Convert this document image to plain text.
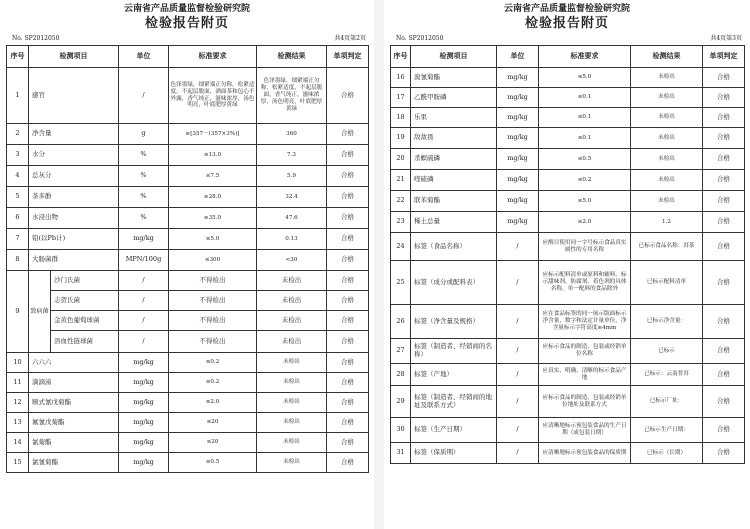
云南省产品质量监督检验研究院
检验报告附页
No. SP2012050	共4页第2页
序号	检测项目		单位	标准要求	检测结果	单项判定
1	感官		/	色泽墨绿，细紧端正匀称，松紧适度，不起层脱面，洒面茶和包心不外露，香气纯正，滋味浓厚，汤色明亮，叶底肥厚黄绿	色泽墨绿，细紧端正匀称，松紧适度，不起层脱面，香气纯正，滋味浓厚，汤色明亮，叶底肥厚黄绿	合格
2	净含量		g	≥[357－(357×3%)]	360	合格
3	水分		%	≤13.0	7.3	合格
4	总灰分		%	≤7.5	5.9	合格
5	茶多酚		%	≥28.0	32.4	合格
6	水浸出物		%	≥35.0	47.6	合格
7	铅(以Pb计)		mg/kg	≤5.0	0.13	合格
8	大肠菌群		MPN/100g	≤300	<30	合格
9	致病菌	沙门氏菌	/	不得检出	未检出	合格
		志贺氏菌	/	不得检出	未检出	合格
		金黄色葡萄球菌	/	不得检出	未检出	合格
		溶血性链球菌	/	不得检出	未检出	合格
10	六六六		mg/kg	≤0.2	未检出	合格
11	滴滴涕		mg/kg	≤0.2	未检出	合格
12	顺式氰戊菊酯		mg/kg	≤2.0	未检出	合格
13	氟氰戊菊酯		mg/kg	≤20	未检出	合格
14	氯菊酯		mg/kg	≤20	未检出	合格
15	氯氰菊酯		mg/kg	≤0.5	未检出	合格
云南省产品质量监督检验研究院
检验报告附页
No. SP2012050	共4页第3页
序号	检测项目	单位	标准要求	检测结果	单项判定
16	溴氰菊酯	mg/kg	≤5.0	未检出	合格
17	乙酰甲胺磷	mg/kg	≤0.1	未检出	合格
18	乐果	mg/kg	≤0.1	未检出	合格
19	敌敌畏	mg/kg	≤0.1	未检出	合格
20	杀螟硫磷	mg/kg	≤0.5	未检出	合格
21	喹硫磷	mg/kg	≤0.2	未检出	合格
22	联苯菊酯	mg/kg	≤5.0	未检出	合格
23	稀土总量	mg/kg	≤2.0	1.2	合格
24	标签（食品名称）	/	应醒目使用同一字号标示食品真实属性的专用名称	已标示食品名称：洱茶	合格
25	标签（成分或配料表）	/	应标示配料清单或原料和辅料，标示甜味剂、防腐剂、着色剂的具体名称，单一配料的食品除外	已标示配料清单	合格
26	标签（净含量及规格）	/	应在食品标签的同一展示版面标示净含量，数字和法定计量单位，净含量标示字符高度≥4mm	已标示净含量：	合格
27	标签（制造者、经销商的名称）	/	应标示食品的制造、包装或经销单位名称	已标示	合格
28	标签（产地）	/	应真实、明确、清晰的标示食品产地	已标示：云南普洱	合格
29	标签（制造者、经销商的地址及联系方式）	/	应标示食品的制造、包装或经销单位地址及联系方式	已标示厂址：	合格
30	标签（生产日期）	/	应清晰地标示预包装食品的生产日期（或包装日期）	已标示生产日期：	合格
31	标签（保质期）	/	应清晰地标示预包装食品的保质期	已标示（长期）	合格
